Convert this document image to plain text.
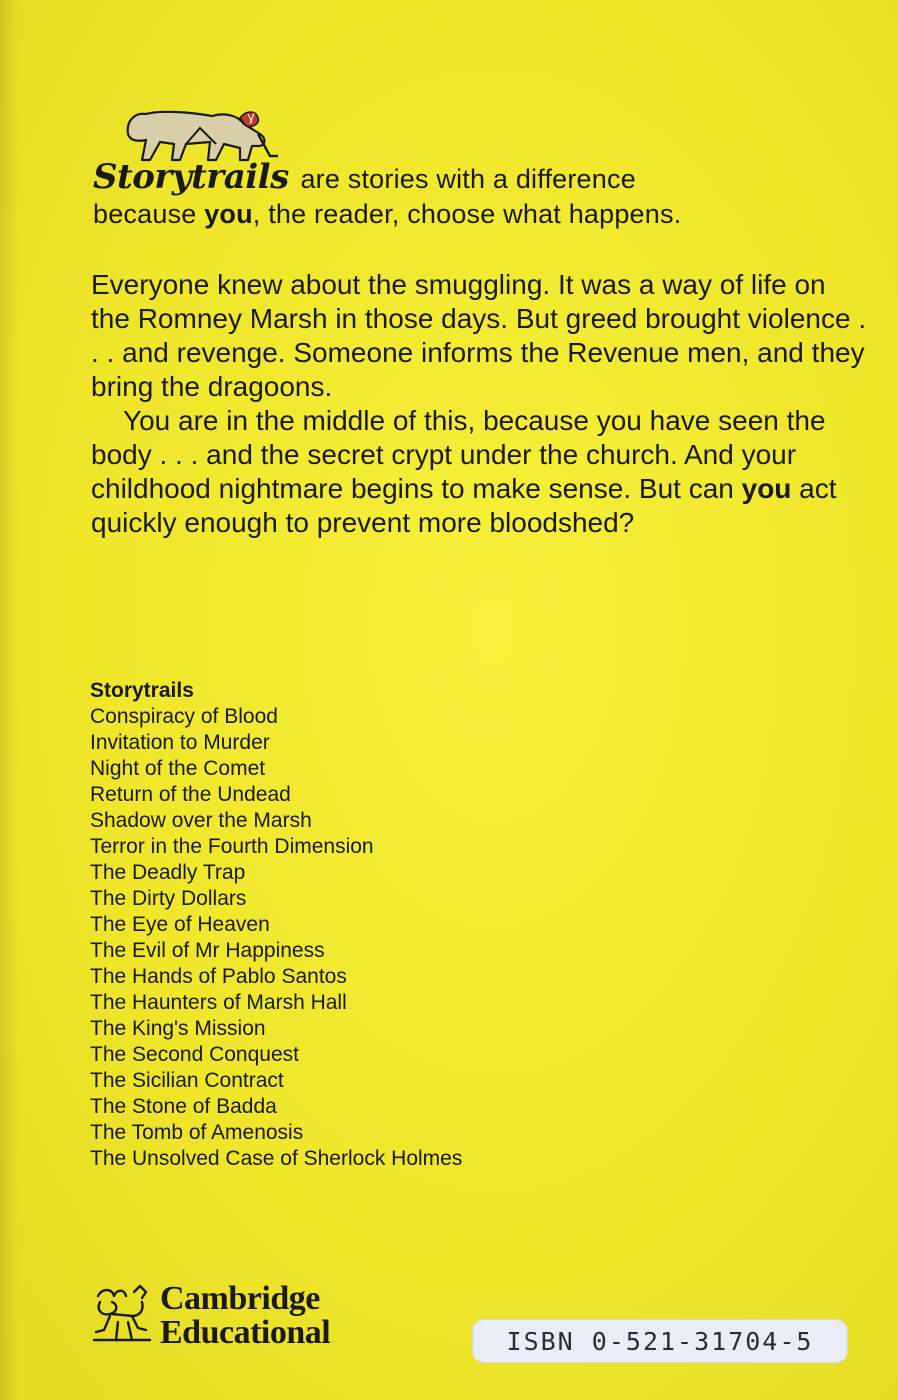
Storytrails are stories with a difference
because you, the reader, choose what happens.

Everyone knew about the smuggling. It was a way of life on the Romney Marsh in those days. But greed brought violence . . . and revenge. Someone informs the Revenue men, and they bring the dragoons.

You are in the middle of this, because you have seen the body . . . and the secret crypt under the church. And your childhood nightmare begins to make sense. But can you act quickly enough to prevent more bloodshed?

Storytrails
Conspiracy of Blood
Invitation to Murder
Night of the Comet
Return of the Undead
Shadow over the Marsh
Terror in the Fourth Dimension
The Deadly Trap
The Dirty Dollars
The Eye of Heaven
The Evil of Mr Happiness
The Hands of Pablo Santos
The Haunters of Marsh Hall
The King's Mission
The Second Conquest
The Sicilian Contract
The Stone of Badda
The Tomb of Amenosis
The Unsolved Case of Sherlock Holmes
Cambridge
Educational	ISBN 0-521-31704-5
